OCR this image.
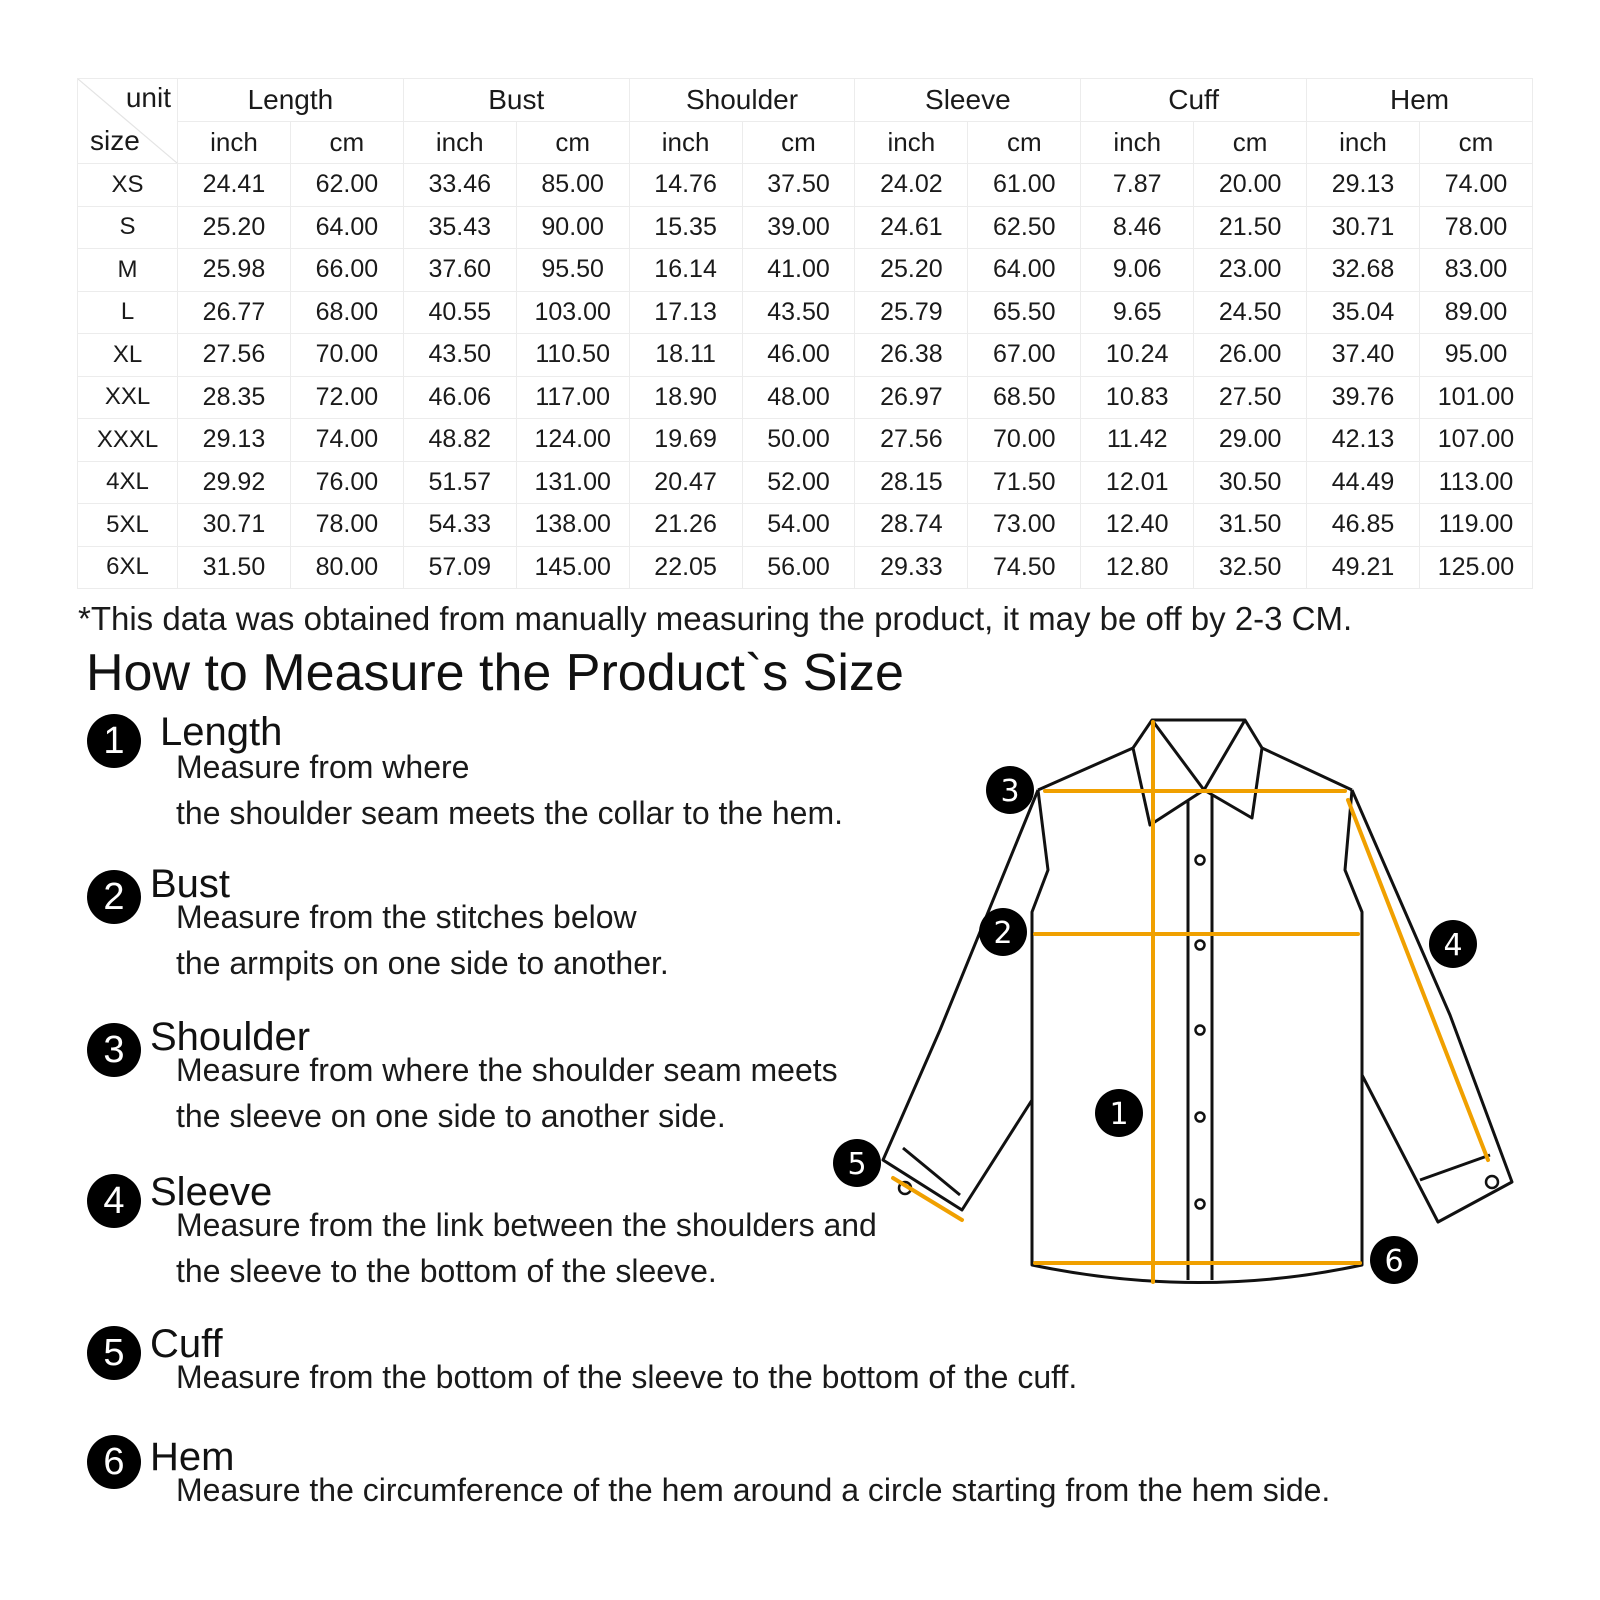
unit
size	Length		Bust		Shoulder		Sleeve		Cuff		Hem	
	inch	cm	inch	cm	inch	cm	inch	cm	inch	cm	inch	cm
XS	24.41	62.00	33.46	85.00	14.76	37.50	24.02	61.00	7.87	20.00	29.13	74.00
S	25.20	64.00	35.43	90.00	15.35	39.00	24.61	62.50	8.46	21.50	30.71	78.00
M	25.98	66.00	37.60	95.50	16.14	41.00	25.20	64.00	9.06	23.00	32.68	83.00
L	26.77	68.00	40.55	103.00	17.13	43.50	25.79	65.50	9.65	24.50	35.04	89.00
XL	27.56	70.00	43.50	110.50	18.11	46.00	26.38	67.00	10.24	26.00	37.40	95.00
XXL	28.35	72.00	46.06	117.00	18.90	48.00	26.97	68.50	10.83	27.50	39.76	101.00
XXXL	29.13	74.00	48.82	124.00	19.69	50.00	27.56	70.00	11.42	29.00	42.13	107.00
4XL	29.92	76.00	51.57	131.00	20.47	52.00	28.15	71.50	12.01	30.50	44.49	113.00
5XL	30.71	78.00	54.33	138.00	21.26	54.00	28.74	73.00	12.40	31.50	46.85	119.00
6XL	31.50	80.00	57.09	145.00	22.05	56.00	29.33	74.50	12.80	32.50	49.21	125.00
*This data was obtained from manually measuring the product, it may be off by 2-3 CM.
How to Measure the Product`s Size
1 Length
Measure from where
the shoulder seam meets the collar to the hem.
2 Bust
Measure from the stitches below
the armpits on one side to another.
3 Shoulder
Measure from where the shoulder seam meets
the sleeve on one side to another side.
4 Sleeve
Measure from the link between the shoulders and
the sleeve to the bottom of the sleeve.
5 Cuff
Measure from the bottom of the sleeve to the bottom of the cuff.
6 Hem
Measure the circumference of the hem around a circle starting from the hem side.
3
2	4
1
5
6
